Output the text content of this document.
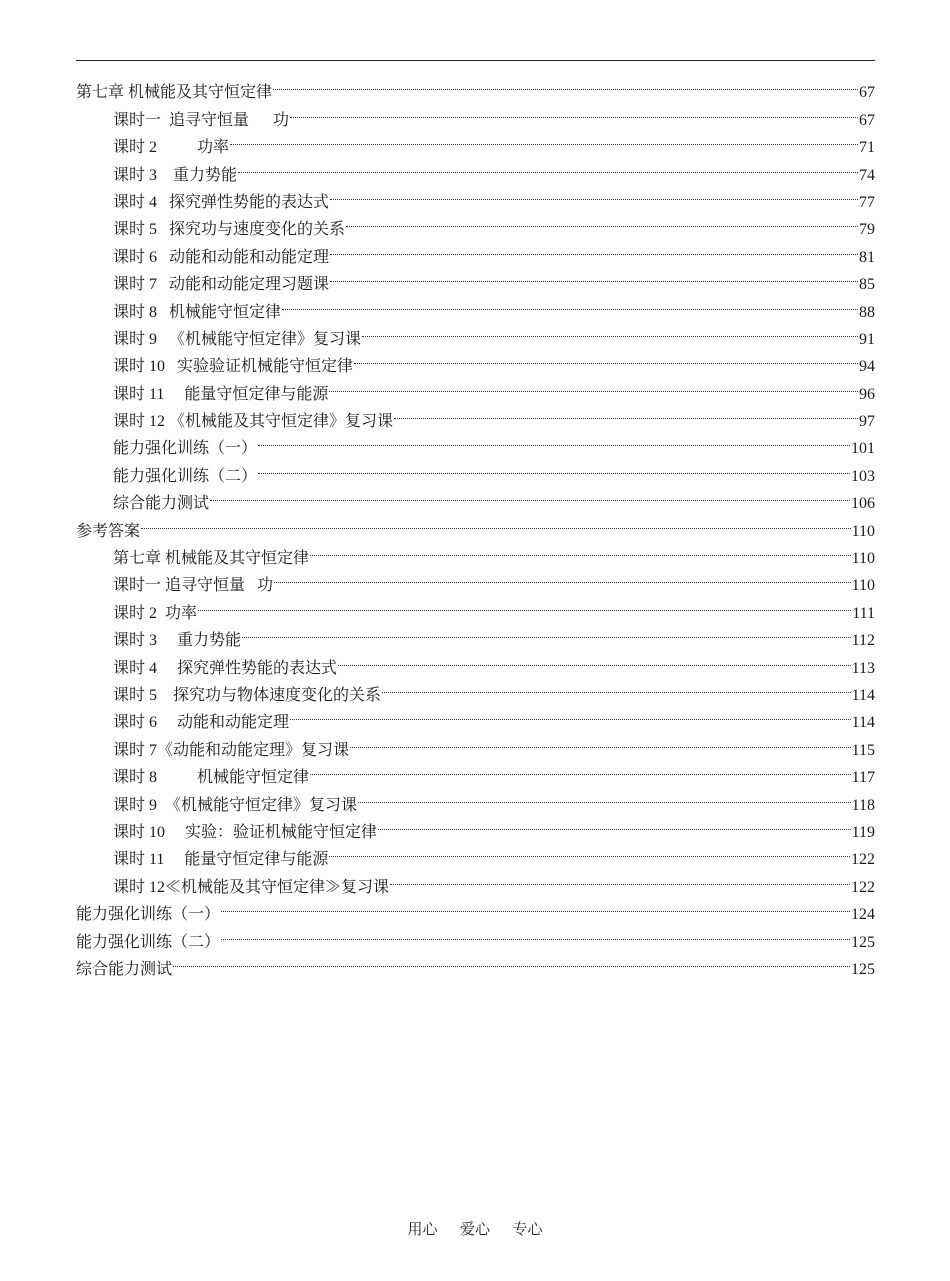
第七章 机械能及其守恒定律	67
课时一  追寻守恒量      功	67
课时 2          功率	71
课时 3    重力势能	74
课时 4   探究弹性势能的表达式	77
课时 5   探究功与速度变化的关系	79
课时 6   动能和动能和动能定理	81
课时 7   动能和动能定理习题课	85
课时 8   机械能守恒定律	88
课时 9   《机械能守恒定律》复习课	91
课时 10   实验验证机械能守恒定律	94
课时 11     能量守恒定律与能源	96
课时 12 《机械能及其守恒定律》复习课	97
能力强化训练（一）	101
能力强化训练（二）	103
综合能力测试	106
参考答案	110
第七章 机械能及其守恒定律	110
课时一 追寻守恒量   功	110
课时 2  功率	111
课时 3     重力势能	112
课时 4     探究弹性势能的表达式	113
课时 5    探究功与物体速度变化的关系	114
课时 6     动能和动能定理	114
课时 7《动能和动能定理》复习课	115
课时 8          机械能守恒定律	117
课时 9  《机械能守恒定律》复习课	118
课时 10     实验：验证机械能守恒定律	119
课时 11     能量守恒定律与能源	122
课时 12≪机械能及其守恒定律≫复习课	122
能力强化训练（一）	124
能力强化训练（二）	125
综合能力测试	125
用心      爱心      专心
